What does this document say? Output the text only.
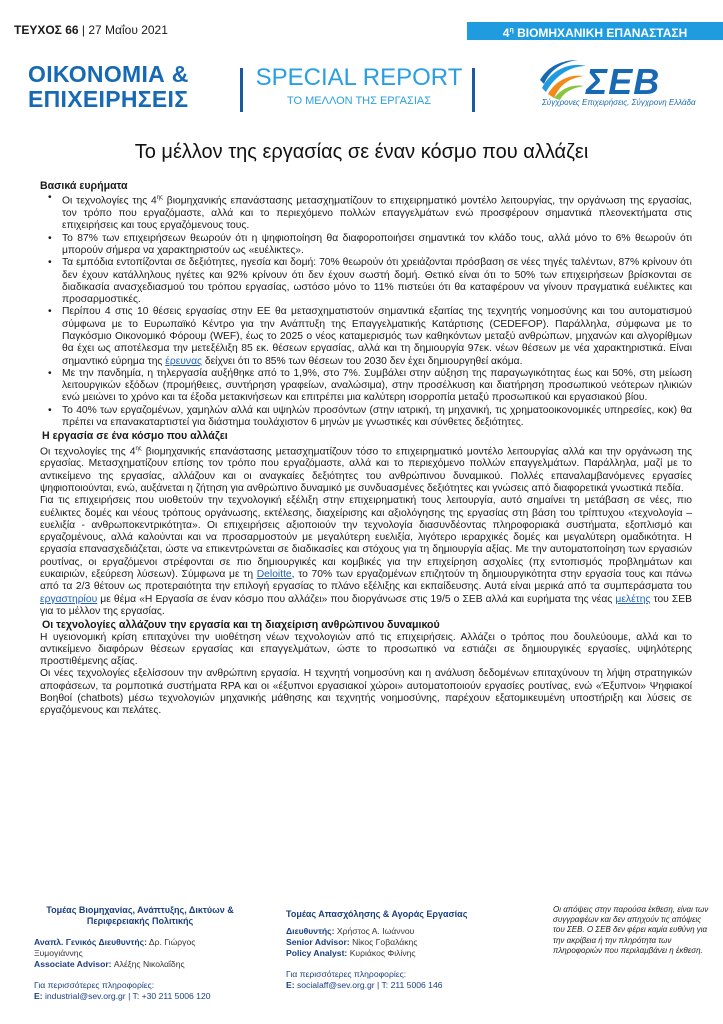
ΤΕΥΧΟΣ 66 | 27 Μαΐου 2021	$4^\eta$ ΒΙΟΜΗΧΑΝΙΚΗ ΕΠΑΝΑΣΤΑΣΗ
ΟΙΚΟΝΟΜΙΑ &
ΕΠΙΧΕΙΡΗΣΕΙΣ
SPECIAL REPORT
ΤΟ ΜΕΛΛΟΝ ΤΗΣ ΕΡΓΑΣΙΑΣ	ΣΕΒ
Σύγχρονες Επιχειρήσεις, Σύγχρονη Ελλάδα
Το μέλλον της εργασίας σε έναν κόσμο που αλλάζει
Βασικά ευρήματα
• Οι τεχνολογίες της $4^{\eta\varsigma}$ βιομηχανικής επανάστασης μετασχηματίζουν το επιχειρηματικό μοντέλο λειτουργίας, την οργάνωση της εργασίας, τον τρόπο που εργαζόμαστε, αλλά και το περιεχόμενο πολλών επαγγελμάτων ενώ προσφέρουν σημαντικά πλεονεκτήματα στις επιχειρήσεις και τους εργαζόμενους τους.
• Το 87% των επιχειρήσεων θεωρούν ότι η ψηφιοποίηση θα διαφοροποιήσει σημαντικά τον κλάδο τους, αλλά μόνο το 6% θεωρούν ότι μπορούν σήμερα να χαρακτηριστούν ως «ευέλικτες».
• Τα εμπόδια εντοπίζονται σε δεξιότητες, ηγεσία και δομή: 70% θεωρούν ότι χρειάζονται πρόσβαση σε νέες τηγές ταλέντων, 87% κρίνουν ότι δεν έχουν κατάλληλους ηγέτες και 92% κρίνουν ότι δεν έχουν σωστή δομή. Θετικό είναι ότι το 50% των επιχειρήσεων βρίσκονται σε διαδικασία ανασχεδιασμού του τρόπου εργασίας, ωστόσο μόνο το 11% πιστεύει ότι θα καταφέρουν να γίνουν πραγματικά ευέλικτες και προσαρμοστικές.
• Περίπου 4 στις 10 θέσεις εργασίας στην ΕΕ θα μετασχηματιστούν σημαντικά εξαιτίας της τεχνητής νοημοσύνης και του αυτοματισμού σύμφωνα με το Ευρωπαϊκό Κέντρο για την Ανάπτυξη της Επαγγελματικής Κατάρτισης (CEDEFOP). Παράλληλα, σύμφωνα με το Παγκόσμιο Οικονομικό Φόρουμ (WEF), έως το 2025 ο νέος καταμερισμός των καθηκόντων μεταξύ ανθρώπων, μηχανών και αλγορίθμων θα έχει ως αποτέλεσμα την μετεξέλιξη 85 εκ. θέσεων εργασίας, αλλά και τη δημιουργία 97εκ. νέων θέσεων με νέα χαρακτηριστικά. Είναι σημαντικό εύρημα της έρευνας δείχνει ότι το 85% των θέσεων του 2030 δεν έχει δημιουργηθεί ακόμα.
• Με την πανδημία, η τηλεργασία αυξήθηκε από το 1,9%, στο 7%. Συμβάλει στην αύξηση της παραγωγικότητας έως και 50%, στη μείωση λειτουργικών εξόδων (προμήθειες, συντήρηση γραφείων, αναλώσιμα), στην προσέλκυση και διατήρηση προσωπικού νεότερων ηλικιών ενώ μειώνει το χρόνο και τα έξοδα μετακινήσεων και επιτρέπει μια καλύτερη ισορροπία μεταξύ προσωπικού και εργασιακού βίου.
• Το 40% των εργαζομένων, χαμηλών αλλά και υψηλών προσόντων (στην ιατρική, τη μηχανική, τις χρηματοοικονομικές υπηρεσίες, κοκ) θα πρέπει να επανακαταρτιστεί για διάστημα τουλάχιστον 6 μηνών με γνωστικές και σύνθετες δεξιότητες.
Η εργασία σε ένα κόσμο που αλλάζει

Οι τεχνολογίες της $4^{\eta\varsigma}$ βιομηχανικής επανάστασης μετασχηματίζουν τόσο το επιχειρηματικό μοντέλο λειτουργίας αλλά και την οργάνωση της εργασίας. Μετασχηματίζουν επίσης τον τρόπο που εργαζόμαστε, αλλά και το περιεχόμενο πολλών επαγγελμάτων. Παράλληλα, μαζί με το αντικείμενο της εργασίας, αλλάζουν και οι αναγκαίες δεξιότητες του ανθρώπινου δυναμικού. Πολλές επαναλαμβανόμενες εργασίες ψηφιοποιούνται, ενώ, αυξάνεται η ζήτηση για ανθρώπινο δυναμικό με συνδυασμένες δεξιότητες και γνώσεις από διαφορετικά γνωστικά πεδία.

Για τις επιχειρήσεις που υιοθετούν την τεχνολογική εξέλιξη στην επιχειρηματική τους λειτουργία, αυτό σημαίνει τη μετάβαση σε νέες, πιο ευέλικτες δομές και νέους τρόπους οργάνωσης, εκτέλεσης, διαχείρισης και αξιολόγησης της εργασίας στη βάση του τρίπτυχου «τεχνολογία – ευελιξία - ανθρωποκεντρικότητα». Οι επιχειρήσεις αξιοποιούν την τεχνολογία διασυνδέοντας πληροφοριακά συστήματα, εξοπλισμό και εργαζομένους, αλλά καλούνται και να προσαρμοστούν με μεγαλύτερη ευελιξία, λιγότερο ιεραρχικές δομές και μεγαλύτερη ομαδικότητα. Η εργασία επανασχεδιάζεται, ώστε να επικεντρώνεται σε διαδικασίες και στόχους για τη δημιουργία αξίας. Με την αυτοματοποίηση των εργασιών ρουτίνας, οι εργαζόμενοι στρέφονται σε πιο δημιουργικές και κομβικές για την επιχείρηση ασχολίες (πχ εντοπισμός προβλημάτων και ευκαιριών, εξεύρεση λύσεων). Σύμφωνα με τη Deloitte, το 70% των εργαζομένων επιζητούν τη δημιουργικότητα στην εργασία τους και πάνω από τα 2/3 θέτουν ως προτεραιότητα την επιλογή εργασίας το πλάνο εξέλιξης και εκπαίδευσης. Αυτά είναι μερικά από τα συμπεράσματα του εργαστηρίου με θέμα «Η Εργασία σε έναν κόσμο που αλλάζει» που διοργάνωσε στις 19/5 ο ΣΕΒ αλλά και ευρήματα της νέας μελέτης του ΣΕΒ για το μέλλον της εργασίας.

Οι τεχνολογίες αλλάζουν την εργασία και τη διαχείριση ανθρώπινου δυναμικού

Η υγειονομική κρίση επιταχύνει την υιοθέτηση νέων τεχνολογιών από τις επιχειρήσεις. Αλλάζει ο τρόπος που δουλεύουμε, αλλά και το αντικείμενο διαφόρων θέσεων εργασίας και επαγγελμάτων, ώστε το προσωπικό να εστιάζει σε δημιουργικές εργασίες, υψηλότερης προστιθέμενης αξίας.

Οι νέες τεχνολογίες εξελίσσουν την ανθρώπινη εργασία. Η τεχνητή νοημοσύνη και η ανάλυση δεδομένων επιταχύνουν τη λήψη στρατηγικών αποφάσεων, τα ρομποτικά συστήματα RPA και οι «έξυπνοι εργασιακοί χώροι» αυτοματοποιούν εργασίες ρουτίνας, ενώ «Έξυπνοι» Ψηφιακοί Βοηθοί (chatbots) μέσω τεχνολογιών μηχανικής μάθησης και τεχνητής νοημοσύνης, παρέχουν εξατομικευμένη υποστήριξη και λύσεις σε εργαζόμενους και πελάτες.

Τομέας Βιομηχανίας, Ανάπτυξης, Δικτύων &
Περιφερειακής Πολιτικής
Αναπλ. Γενικός Διευθυντής: Δρ. Γιώργος Ξυμογιάννης
Associate Advisor: Αλέξης Νικολαΐδης
Για περισσότερες πληροφορίες:
E: industrial@sev.org.gr | T: +30 211 5006 120
Τομέας Απασχόλησης & Αγοράς Εργασίας
Διευθυντής: Χρήστος Α. Ιωάννου
Senior Advisor: Νίκος Γοβαλάκης
Policy Analyst: Κυριάκος Φιλίνης
Για περισσότερες πληροφορίες:
E: socialaff@sev.org.gr | T: 211 5006 146
Οι απόψεις στην παρούσα έκθεση, είναι των συγγραφέων και δεν απηχούν τις απόψεις του ΣΕΒ. Ο ΣΕΒ δεν φέρει καμία ευθύνη για την ακρίβεια ή την πληρότητα των πληροφοριών που περιλαμβάνει η έκθεση.
